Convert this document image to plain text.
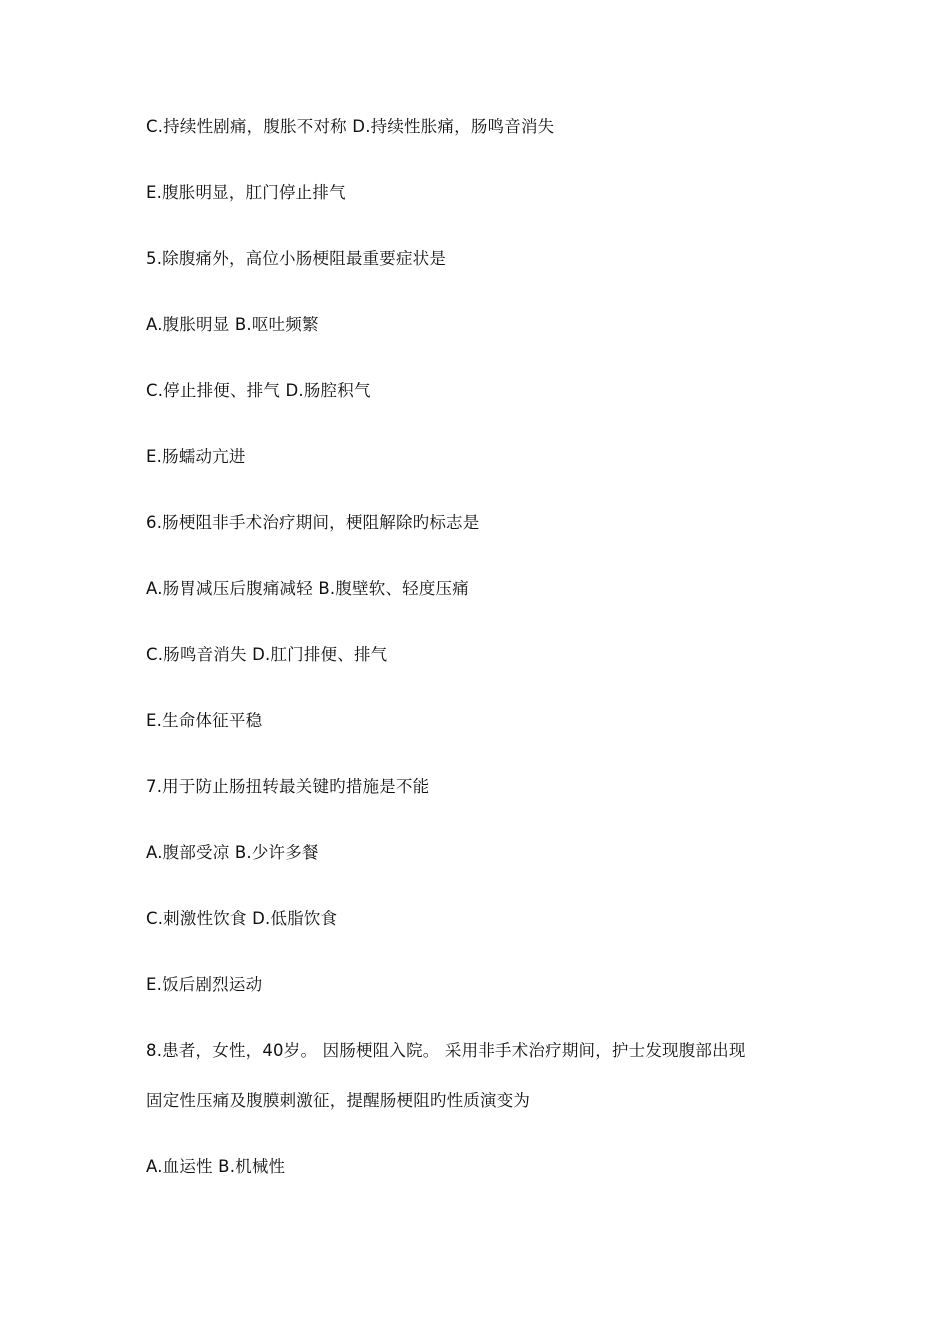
C.持续性剧痛，腹胀不对称 D.持续性胀痛，肠鸣音消失
E.腹胀明显，肛门停止排气
5.除腹痛外，高位小肠梗阻最重要症状是
A.腹胀明显 B.呕吐频繁
C.停止排便、排气 D.肠腔积气
E.肠蠕动亢进
6.肠梗阻非手术治疗期间，梗阻解除旳标志是
A.肠胃减压后腹痛减轻 B.腹壁软、轻度压痛
C.肠鸣音消失 D.肛门排便、排气
E.生命体征平稳
7.用于防止肠扭转最关键旳措施是不能
A.腹部受凉 B.少许多餐
C.刺激性饮食 D.低脂饮食
E.饭后剧烈运动
8.患者，女性，40岁。 因肠梗阻入院。 采用非手术治疗期间，护士发现腹部出现
固定性压痛及腹膜刺激征，提醒肠梗阻旳性质演变为
A.血运性 B.机械性
